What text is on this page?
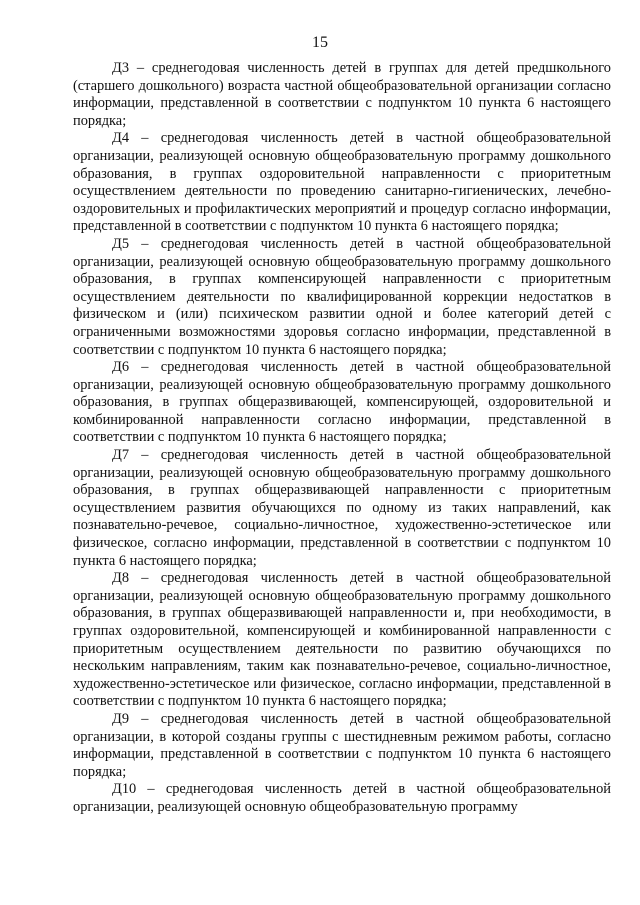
15

Д3 – среднегодовая численность детей в группах для детей предшкольного (старшего дошкольного) возраста частной общеобразовательной организации согласно информации, представленной в соответствии с подпунктом 10 пункта 6 настоящего порядка;

Д4 – среднегодовая численность детей в частной общеобразовательной организации, реализующей основную общеобразовательную программу дошкольного образования, в группах оздоровительной направленности с приоритетным осуществлением деятельности по проведению санитарно-гигиенических, лечебно-оздоровительных и профилактических мероприятий и процедур согласно информации, представленной в соответствии с подпунктом 10 пункта 6 настоящего порядка;

Д5 – среднегодовая численность детей в частной общеобразовательной организации, реализующей основную общеобразовательную программу дошкольного образования, в группах компенсирующей направленности с приоритетным осуществлением деятельности по квалифицированной коррекции недостатков в физическом и (или) психическом развитии одной и более категорий детей с ограниченными возможностями здоровья согласно информации, представленной в соответствии с подпунктом 10 пункта 6 настоящего порядка;

Д6 – среднегодовая численность детей в частной общеобразовательной организации, реализующей основную общеобразовательную программу дошкольного образования, в группах общеразвивающей, компенсирующей, оздоровительной и комбинированной направленности согласно информации, представленной в соответствии с подпунктом 10 пункта 6 настоящего порядка;

Д7 – среднегодовая численность детей в частной общеобразовательной организации, реализующей основную общеобразовательную программу дошкольного образования, в группах общеразвивающей направленности с приоритетным осуществлением развития обучающихся по одному из таких направлений, как познавательно-речевое, социально-личностное, художественно-эстетическое или физическое, согласно информации, представленной в соответствии с подпунктом 10 пункта 6 настоящего порядка;

Д8 – среднегодовая численность детей в частной общеобразовательной организации, реализующей основную общеобразовательную программу дошкольного образования, в группах общеразвивающей направленности и, при необходимости, в группах оздоровительной, компенсирующей и комбинированной направленности с приоритетным осуществлением деятельности по развитию обучающихся по нескольким направлениям, таким как познавательно-речевое, социально-личностное, художественно-эстетическое или физическое, согласно информации, представленной в соответствии с подпунктом 10 пункта 6 настоящего порядка;

Д9 – среднегодовая численность детей в частной общеобразовательной организации, в которой созданы группы с шестидневным режимом работы, согласно информации, представленной в соответствии с подпунктом 10 пункта 6 настоящего порядка;

Д10 – среднегодовая численность детей в частной общеобразовательной организации, реализующей основную общеобразовательную программу
